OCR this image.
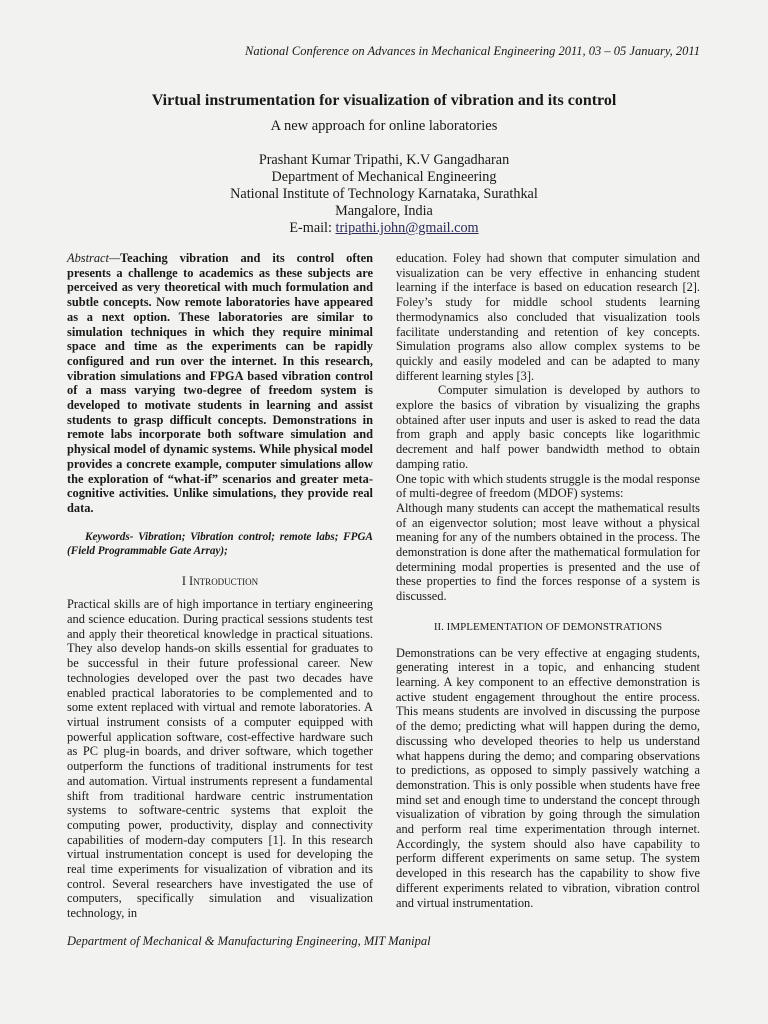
National Conference on Advances in Mechanical Engineering 2011, 03 – 05 January, 2011
Virtual instrumentation for visualization of vibration and its control

A new approach for online laboratories

Prashant Kumar Tripathi, K.V Gangadharan
Department of Mechanical Engineering
National Institute of Technology Karnataka, Surathkal
Mangalore, India
E-mail: tripathi.john@gmail.com

Abstract—Teaching vibration and its control often presents a challenge to academics as these subjects are perceived as very theoretical with much formulation and subtle concepts. Now remote laboratories have appeared as a next option. These laboratories are similar to simulation techniques in which they require minimal space and time as the experiments can be rapidly configured and run over the internet. In this research, vibration simulations and FPGA based vibration control of a mass varying two-degree of freedom system is developed to motivate students in learning and assist students to grasp difficult concepts. Demonstrations in remote labs incorporate both software simulation and physical model of dynamic systems. While physical model provides a concrete example, computer simulations allow the exploration of “what-if” scenarios and greater meta-cognitive activities. Unlike simulations, they provide real data.

Keywords- Vibration; Vibration control; remote labs; FPGA (Field Programmable Gate Array);

I Introduction

Practical skills are of high importance in tertiary engineering and science education. During practical sessions students test and apply their theoretical knowledge in practical situations. They also develop hands-on skills essential for graduates to be successful in their future professional career. New technologies developed over the past two decades have enabled practical laboratories to be complemented and to some extent replaced with virtual and remote laboratories. A virtual instrument consists of a computer equipped with powerful application software, cost-effective hardware such as PC plug-in boards, and driver software, which together outperform the functions of traditional instruments for test and automation. Virtual instruments represent a fundamental shift from traditional hardware centric instrumentation systems to software-centric systems that exploit the computing power, productivity, display and connectivity capabilities of modern-day computers [1]. In this research virtual instrumentation concept is used for developing the real time experiments for visualization of vibration and its control. Several researchers have investigated the use of computers, specifically simulation and visualization technology, in

education. Foley had shown that computer simulation and visualization can be very effective in enhancing student learning if the interface is based on education research [2]. Foley’s study for middle school students learning thermodynamics also concluded that visualization tools facilitate understanding and retention of key concepts. Simulation programs also allow complex systems to be quickly and easily modeled and can be adapted to many different learning styles [3].

Computer simulation is developed by authors to explore the basics of vibration by visualizing the graphs obtained after user inputs and user is asked to read the data from graph and apply basic concepts like logarithmic decrement and half power bandwidth method to obtain damping ratio.

One topic with which students struggle is the modal response of multi-degree of freedom (MDOF) systems:

Although many students can accept the mathematical results of an eigenvector solution; most leave without a physical meaning for any of the numbers obtained in the process. The demonstration is done after the mathematical formulation for determining modal properties is presented and the use of these properties to find the forces response of a system is discussed.

II. IMPLEMENTATION OF DEMONSTRATIONS

Demonstrations can be very effective at engaging students, generating interest in a topic, and enhancing student learning. A key component to an effective demonstration is active student engagement throughout the entire process. This means students are involved in discussing the purpose of the demo; predicting what will happen during the demo, discussing who developed theories to help us understand what happens during the demo; and comparing observations to predictions, as opposed to simply passively watching a demonstration. This is only possible when students have free mind set and enough time to understand the concept through visualization of vibration by going through the simulation and perform real time experimentation through internet. Accordingly, the system should also have capability to perform different experiments on same setup. The system developed in this research has the capability to show five different experiments related to vibration, vibration control and virtual instrumentation.

Department of Mechanical & Manufacturing Engineering, MIT Manipal
